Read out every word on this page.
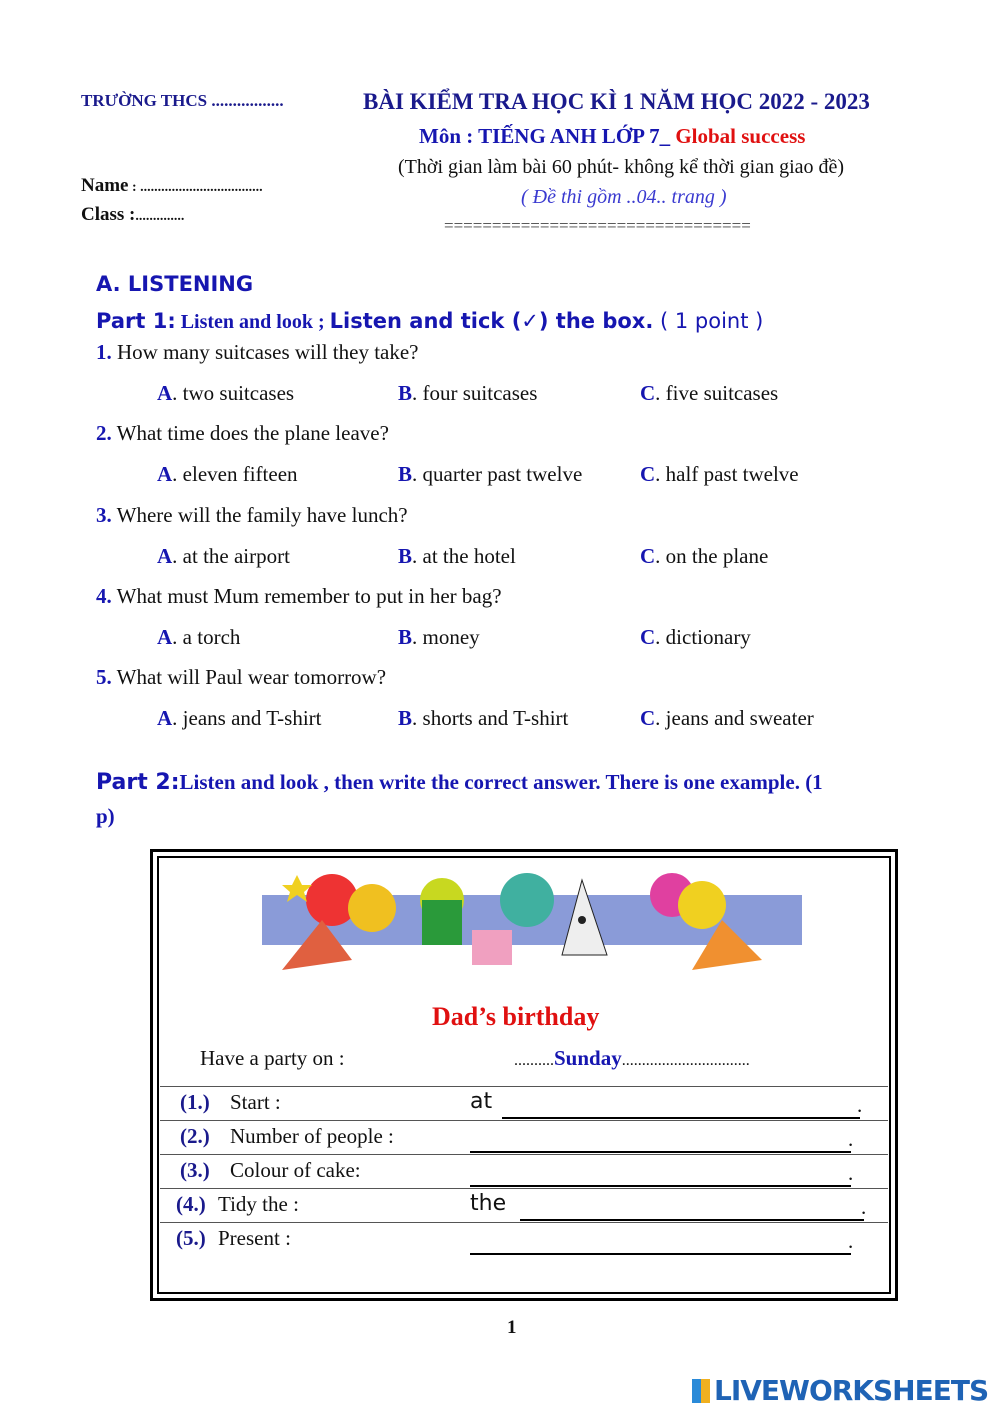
TRƯỜNG THCS .................	BÀI KIỂM TRA HỌC KÌ 1 NĂM HỌC 2022 - 2023
Môn : TIẾNG ANH LỚP 7_ Global success
(Thời gian làm bài 60 phút- không kể thời gian giao đề)
( Đề thi gồm ..04.. trang )
================================
Name : ...................................
Class :..............
A. LISTENING
Part 1: Listen and look ; Listen and tick (✓) the box. ( 1 point )
1. How many suitcases will they take?
A. two suitcases	B. four suitcases	C. five suitcases
2. What time does the plane leave?
A. eleven fifteen	B. quarter past twelve	C. half past twelve
3. Where will the family have lunch?
A. at the airport	B. at the hotel	C. on the plane
4. What must Mum remember to put in her bag?
A. a torch	B. money	C. dictionary
5. What will Paul wear tomorrow?
A. jeans and T-shirt	B. shorts and T-shirt	C. jeans and sweater
Part 2:Listen and look , then write the correct answer. There is one example. (1
p)
Dad’s birthday
Have a party on :	..........Sunday................................
(1.) Start :	at	.
(2.) Number of people :	.
(3.) Colour of cake:	.
(4.) Tidy the :	the	.
(5.) Present :	.
1
LIVEWORKSHEETS
